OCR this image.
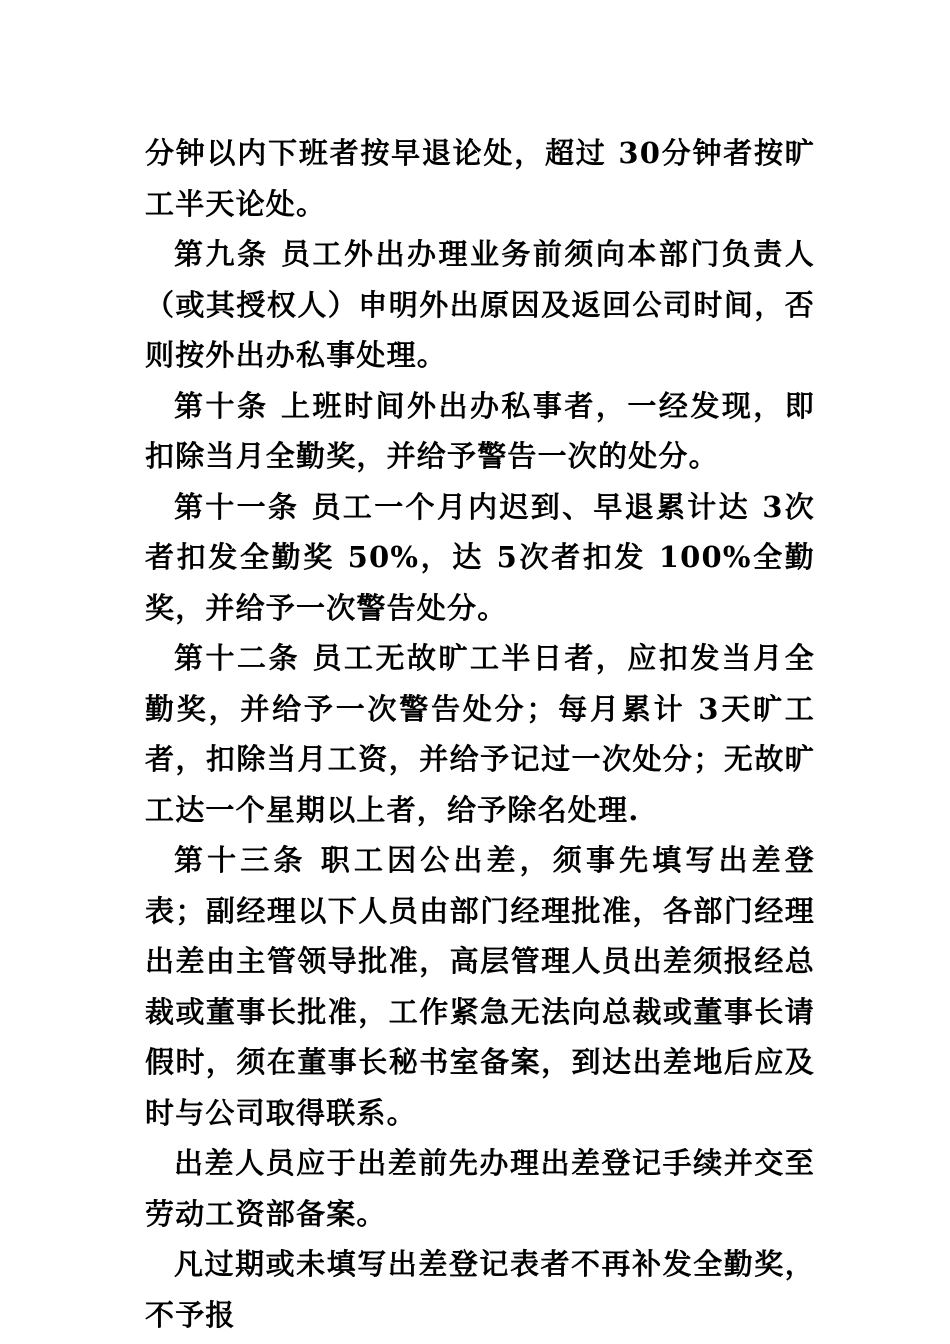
分钟以内下班者按早退论处，超过 30分钟者按旷工半天论处。

第九条 员工外出办理业务前须向本部门负责人（或其授权人）申明外出原因及返回公司时间，否则按外出办私事处理。

第十条 上班时间外出办私事者，一经发现，即扣除当月全勤奖，并给予警告一次的处分。

第十一条 员工一个月内迟到、早退累计达 3次者扣发全勤奖 50%，达 5次者扣发 100%全勤奖，并给予一次警告处分。

第十二条 员工无故旷工半日者，应扣发当月全勤奖，并给予一次警告处分；每月累计 3天旷工者，扣除当月工资，并给予记过一次处分；无故旷工达一个星期以上者，给予除名处理.

第十三条 职工因公出差，须事先填写出差登表；副经理以下人员由部门经理批准，各部门经理出差由主管领导批准，高层管理人员出差须报经总裁或董事长批准，工作紧急无法向总裁或董事长请假时，须在董事长秘书室备案，到达出差地后应及时与公司取得联系。

出差人员应于出差前先办理出差登记手续并交至劳动工资部备案。

凡过期或未填写出差登记表者不再补发全勤奖，不予报
